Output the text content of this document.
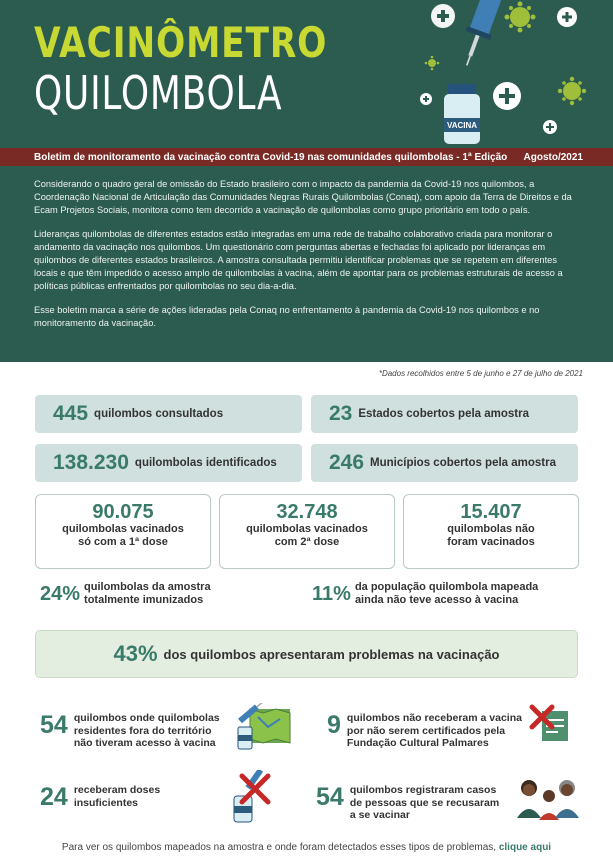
VACINA
VACINÔMETRO
QUILOMBOLA
Boletim de monitoramento da vacinação contra Covid-19 nas comunidades quilombolas - 1ª Edição Agosto/2021

Considerando o quadro geral de omissão do Estado brasileiro com o impacto da pandemia da Covid-19 nos quilombos, a Coordenação Nacional de Articulação das Comunidades Negras Rurais Quilombolas (Conaq), com apoio da Terra de Direitos e da Ecam Projetos Sociais, monitora como tem decorrido a vacinação de quilombolas como grupo prioritário em todo o país.

Lideranças quilombolas de diferentes estados estão integradas em uma rede de trabalho colaborativo criada para monitorar o andamento da vacinação nos quilombos. Um questionário com perguntas abertas e fechadas foi aplicado por lideranças em quilombos de diferentes estados brasileiros. A amostra consultada permitiu identificar problemas que se repetem em diferentes locais e que têm impedido o acesso amplo de quilombolas à vacina, além de apontar para os problemas estruturais de acesso a políticas públicas enfrentados por quilombolas no seu dia-a-dia.

Esse boletim marca a série de ações lideradas pela Conaq no enfrentamento à pandemia da Covid-19 nos quilombos e no monitoramento da vacinação.

*Dados recolhidos entre 5 de junho e 27 de julho de 2021
445 quilombos consultados	23 Estados cobertos pela amostra
138.230 quilombolas identificados 246 Municípios cobertos pela amostra
90.075
quilombolas vacinados
só com a 1ª dose
32.748
quilombolas vacinados
com 2ª dose
15.407
quilombolas não
foram vacinados
24% quilombolas da amostra
totalmente imunizados	11% da população quilombola mapeada
ainda não teve acesso à vacina
43% dos quilombos apresentaram problemas na vacinação
54 quilombos onde quilombolas
residentes fora do território
não tiveram acesso à vacina
9 quilombos não receberam a vacina
por não serem certificados pela
Fundação Cultural Palmares
24 receberam doses
insuficientes	54 quilombos registraram casos
de pessoas que se recusaram
a se vacinar
Para ver os quilombos mapeados na amostra e onde foram detectados esses tipos de problemas, clique aqui
